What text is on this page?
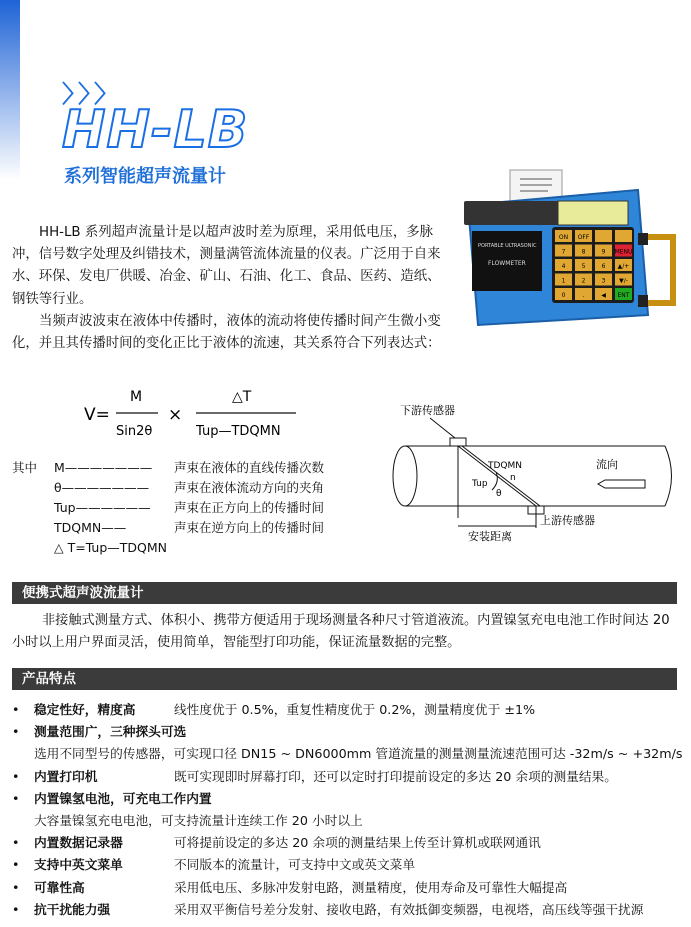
〉〉〉
HH-LB
系列智能超声流量计
PORTABLE ULTRASONIC
FLOWMETER
ON OFF
7	8	9 MENU
4	5	6 ▲/+
1	2	3 ▼/-
0	.	◀ ENT

HH-LB 系列超声流量计是以超声波时差为原理，采用低电压，多脉冲，信号数字处理及纠错技术，测量满管流体流量的仪表。广泛用于自来水、环保、发电厂供暖、冶金、矿山、石油、化工、食品、医药、造纸、钢铁等行业。

当频声波波束在液体中传播时，液体的流动将使传播时间产生微小变化，并且其传播时间的变化正比于液体的流速，其关系符合下列表达式：

V=
M
Sin2θ
×
△T
Tup—TDQMN
其中	M———————	声束在液体的直线传播次数
θ———————	声束在液体流动方向的夹角
Tup——————	声束在正方向上的传播时间
TDQMN——	声束在逆方向上的传播时间
△ T=Tup—TDQMN
下游传感器
TDQMN
n
Tup
θ
安装距离
上游传感器
流向
便携式超声波流量计
非接触式测量方式、体积小、携带方便适用于现场测量各种尺寸管道液流。内置镍氢充电电池工作时间达 20 小时以上用户界面灵活，使用简单，智能型打印功能，保证流量数据的完整。
产品特点
•	稳定性好，精度高	线性度优于 0.5%，重复性精度优于 0.2%，测量精度优于 ±1%
•	测量范围广，三种探头可选
选用不同型号的传感器，可实现口径 DN15 ~ DN6000mm 管道流量的测量测量流速范围可达 -32m/s ~ +32m/s
•	内置打印机	既可实现即时屏幕打印，还可以定时打印提前设定的多达 20 余项的测量结果。
•	内置镍氢电池，可充电工作内置
大容量镍氢充电电池，可支持流量计连续工作 20 小时以上
•	内置数据记录器	可将提前设定的多达 20 余项的测量结果上传至计算机或联网通讯
•	支持中英文菜单	不同版本的流量计，可支持中文或英文菜单
•	可靠性高	采用低电压、多脉冲发射电路，测量精度，使用寿命及可靠性大幅提高
•	抗干扰能力强	采用双平衡信号差分发射、接收电路，有效抵御变频器，电视塔，高压线等强干扰源
